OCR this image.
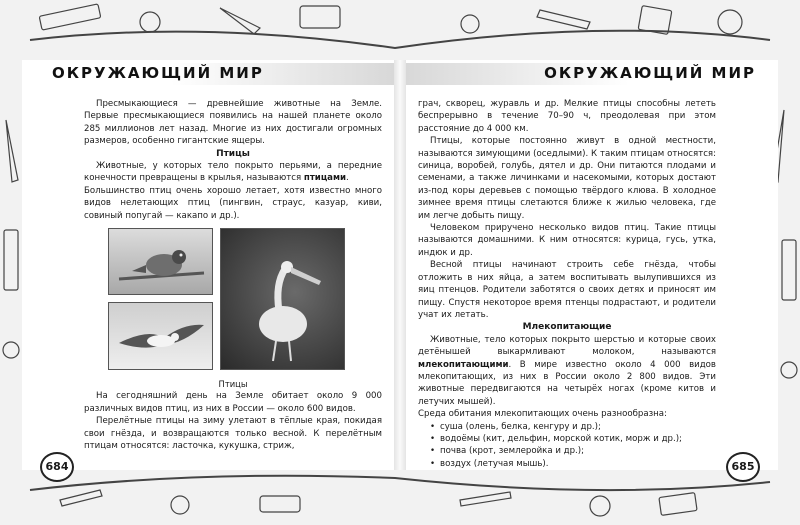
ОКРУЖАЮЩИЙ МИР	ОКРУЖАЮЩИЙ МИР

Пресмыкающиеся — древнейшие животные на Земле. Первые пресмыкающиеся появились на нашей планете около 285 миллионов лет назад. Многие из них достигали огромных размеров, особенно гигантские ящеры.

Птицы

Животные, у которых тело покрыто перьями, а передние конечности превращены в крылья, называются птицами.

Большинство птиц очень хорошо летает, хотя известно много видов нелетающих птиц (пингвин, страус, казуар, киви, совиный попугай — какапо и др.).

Птицы

На сегодняшний день на Земле обитает около 9 000 различных видов птиц, из них в России — около 600 видов.

Перелётные птицы на зиму улетают в тёплые края, покидая свои гнёзда, и возвращаются только весной. К перелётным птицам относятся: ласточка, кукушка, стриж,

грач, скворец, журавль и др. Мелкие птицы способны лететь беспрерывно в течение 70–90 ч, преодолевая при этом расстояние до 4 000 км.

Птицы, которые постоянно живут в одной местности, называются зимующими (оседлыми). К таким птицам относятся: синица, воробей, голубь, дятел и др. Они питаются плодами и семенами, а также личинками и насекомыми, которых достают из-под коры деревьев с помощью твёрдого клюва. В холодное зимнее время птицы слетаются ближе к жилью человека, где им легче добыть пищу.

Человеком приручено несколько видов птиц. Такие птицы называются домашними. К ним относятся: курица, гусь, утка, индюк и др.

Весной птицы начинают строить себе гнёзда, чтобы отложить в них яйца, а затем воспитывать вылупившихся из яиц птенцов. Родители заботятся о своих детях и приносят им пищу. Спустя некоторое время птенцы подрастают, и родители учат их летать.

Млекопитающие

Животные, тело которых покрыто шерстью и которые своих детёнышей выкармливают молоком, называются млекопитающими. В мире известно около 4 000 видов млекопитающих, из них в России около 2 800 видов. Эти животные передвигаются на четырёх ногах (кроме китов и летучих мышей).

Среда обитания млекопитающих очень разнообразна:

• суша (олень, белка, кенгуру и др.);
• водоёмы (кит, дельфин, морской котик, морж и др.);
• почва (крот, землеройка и др.);
• воздух (летучая мышь).
684	685
